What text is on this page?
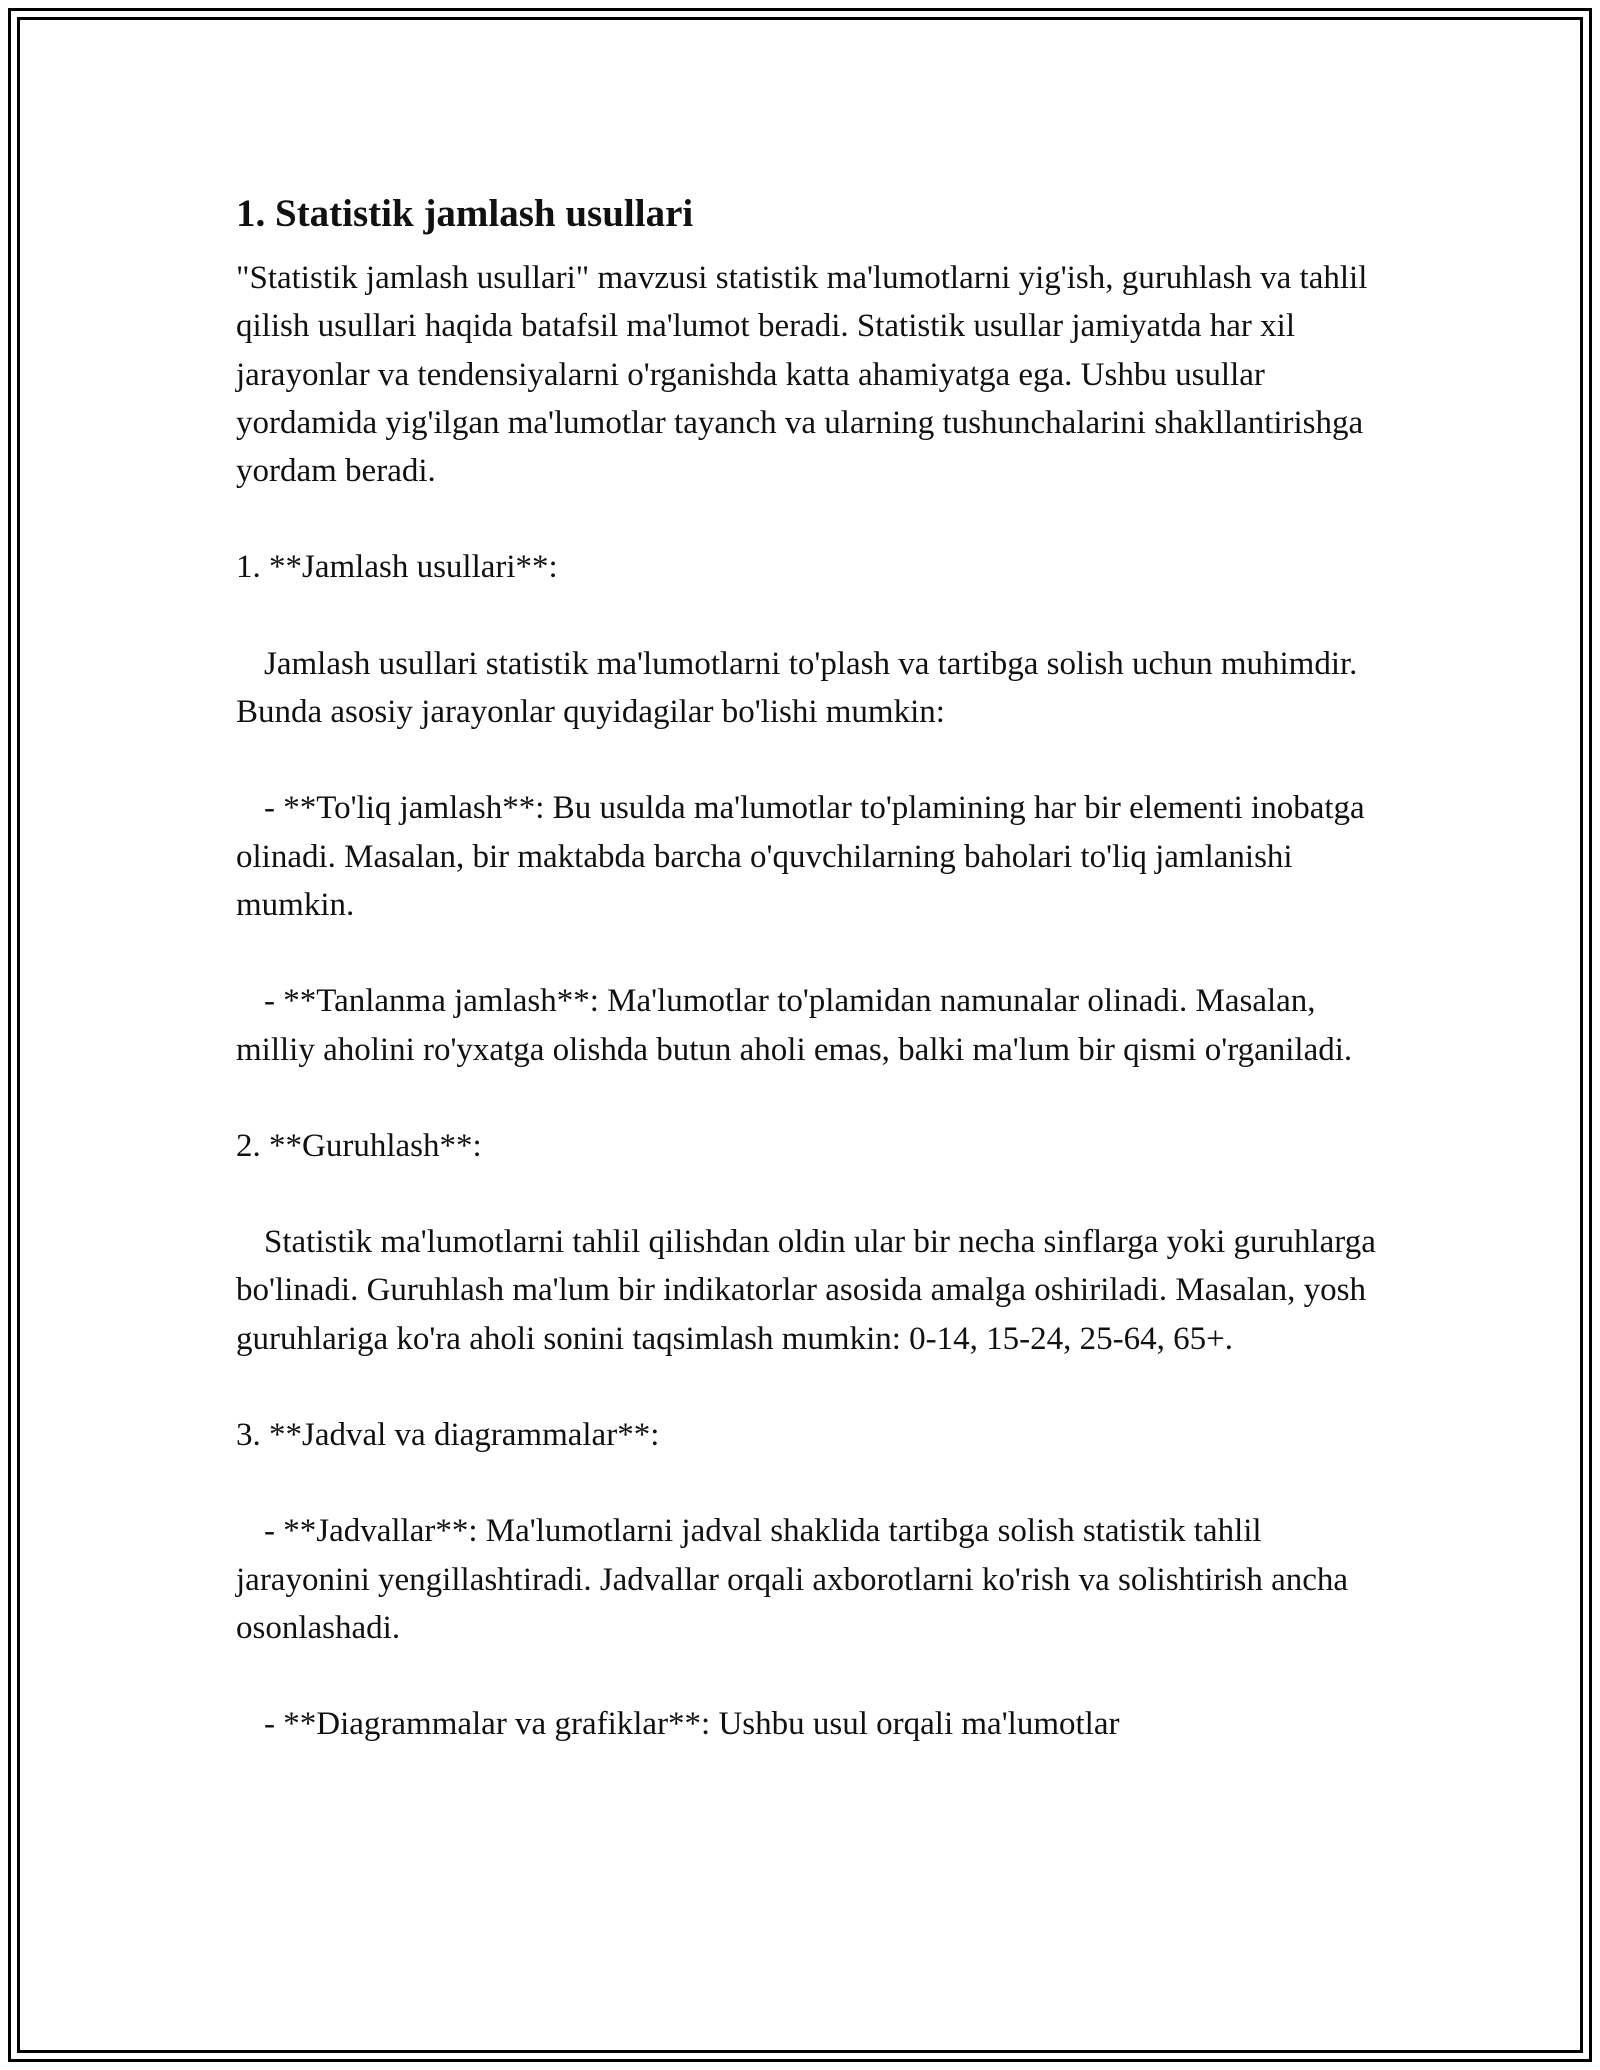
1. Statistik jamlash usullari

"Statistik jamlash usullari" mavzusi statistik ma'lumotlarni yig'ish, guruhlash va tahlil qilish usullari haqida batafsil ma'lumot beradi. Statistik usullar jamiyatda har xil jarayonlar va tendensiyalarni o'rganishda katta ahamiyatga ega. Ushbu usullar yordamida yig'ilgan ma'lumotlar tayanch va ularning tushunchalarini shakllantirishga yordam beradi.

1. **Jamlash usullari**:

Jamlash usullari statistik ma'lumotlarni to'plash va tartibga solish uchun muhimdir. Bunda asosiy jarayonlar quyidagilar bo'lishi mumkin:

- **To'liq jamlash**: Bu usulda ma'lumotlar to'plamining har bir elementi inobatga olinadi. Masalan, bir maktabda barcha o'quvchilarning baholari to'liq jamlanishi mumkin.

- **Tanlanma jamlash**: Ma'lumotlar to'plamidan namunalar olinadi. Masalan, milliy aholini ro'yxatga olishda butun aholi emas, balki ma'lum bir qismi o'rganiladi.

2. **Guruhlash**:

Statistik ma'lumotlarni tahlil qilishdan oldin ular bir necha sinflarga yoki guruhlarga bo'linadi. Guruhlash ma'lum bir indikatorlar asosida amalga oshiriladi. Masalan, yosh guruhlariga ko'ra aholi sonini taqsimlash mumkin: 0-14, 15-24, 25-64, 65+.

3. **Jadval va diagrammalar**:

- **Jadvallar**: Ma'lumotlarni jadval shaklida tartibga solish statistik tahlil jarayonini yengillashtiradi. Jadvallar orqali axborotlarni ko'rish va solishtirish ancha osonlashadi.

- **Diagrammalar va grafiklar**: Ushbu usul orqali ma'lumotlar
